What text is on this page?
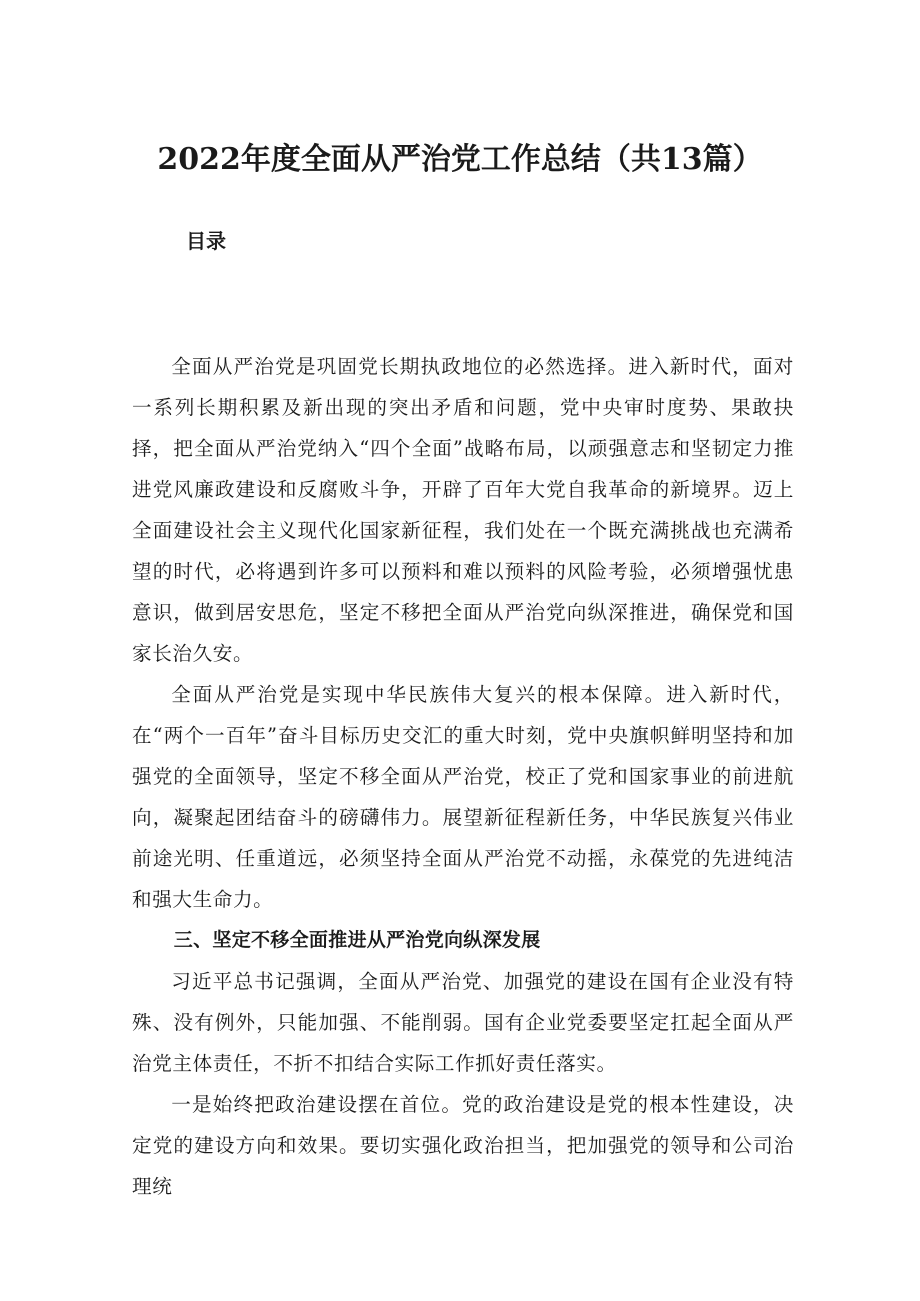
2022年度全面从严治党工作总结（共13篇）
目录

全面从严治党是巩固党长期执政地位的必然选择。进入新时代，面对一系列长期积累及新出现的突出矛盾和问题，党中央审时度势、果敢抉择，把全面从严治党纳入“四个全面”战略布局，以顽强意志和坚韧定力推进党风廉政建设和反腐败斗争，开辟了百年大党自我革命的新境界。迈上全面建设社会主义现代化国家新征程，我们处在一个既充满挑战也充满希望的时代，必将遇到许多可以预料和难以预料的风险考验，必须增强忧患意识，做到居安思危，坚定不移把全面从严治党向纵深推进，确保党和国家长治久安。

全面从严治党是实现中华民族伟大复兴的根本保障。进入新时代，在“两个一百年”奋斗目标历史交汇的重大时刻，党中央旗帜鲜明坚持和加强党的全面领导，坚定不移全面从严治党，校正了党和国家事业的前进航向，凝聚起团结奋斗的磅礴伟力。展望新征程新任务，中华民族复兴伟业前途光明、任重道远，必须坚持全面从严治党不动摇，永葆党的先进纯洁和强大生命力。

三、坚定不移全面推进从严治党向纵深发展

习近平总书记强调，全面从严治党、加强党的建设在国有企业没有特殊、没有例外，只能加强、不能削弱。国有企业党委要坚定扛起全面从严治党主体责任，不折不扣结合实际工作抓好责任落实。

一是始终把政治建设摆在首位。党的政治建设是党的根本性建设，决定党的建设方向和效果。要切实强化政治担当，把加强党的领导和公司治理统
